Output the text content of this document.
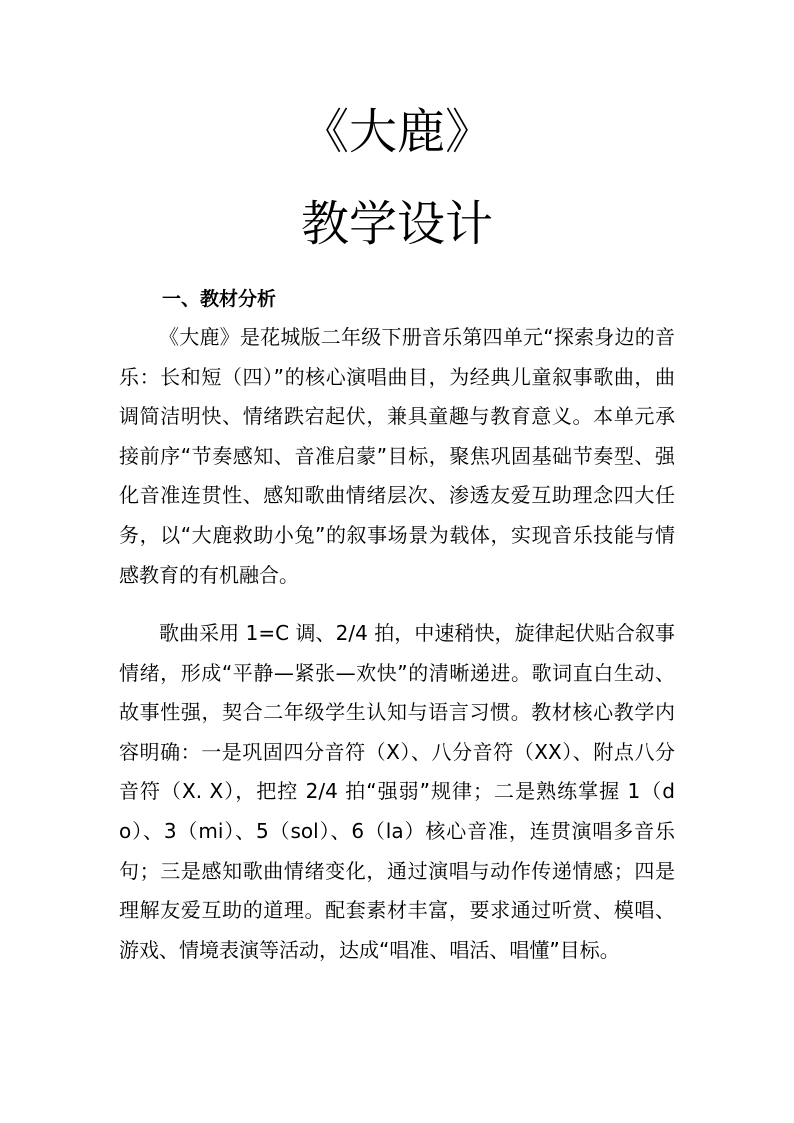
《大鹿》
教学设计
一、教材分析

《大鹿》是花城版二年级下册音乐第四单元“探索身边的音乐：长和短（四）”的核心演唱曲目，为经典儿童叙事歌曲，曲调简洁明快、情绪跌宕起伏，兼具童趣与教育意义。本单元承接前序“节奏感知、音准启蒙”目标，聚焦巩固基础节奏型、强化音准连贯性、感知歌曲情绪层次、渗透友爱互助理念四大任务，以“大鹿救助小兔”的叙事场景为载体，实现音乐技能与情感教育的有机融合。

歌曲采用 1=C 调、2/4 拍，中速稍快，旋律起伏贴合叙事情绪，形成“平静—紧张—欢快”的清晰递进。歌词直白生动、故事性强，契合二年级学生认知与语言习惯。教材核心教学内容明确：一是巩固四分音符（X）、八分音符（XX）、附点八分音符（X. X），把控 2/4 拍“强弱”规律；二是熟练掌握 1（do）、3（mi）、5（sol）、6（la）核心音准，连贯演唱多音乐句；三是感知歌曲情绪变化，通过演唱与动作传递情感；四是理解友爱互助的道理。配套素材丰富，要求通过听赏、模唱、游戏、情境表演等活动，达成“唱准、唱活、唱懂”目标。
